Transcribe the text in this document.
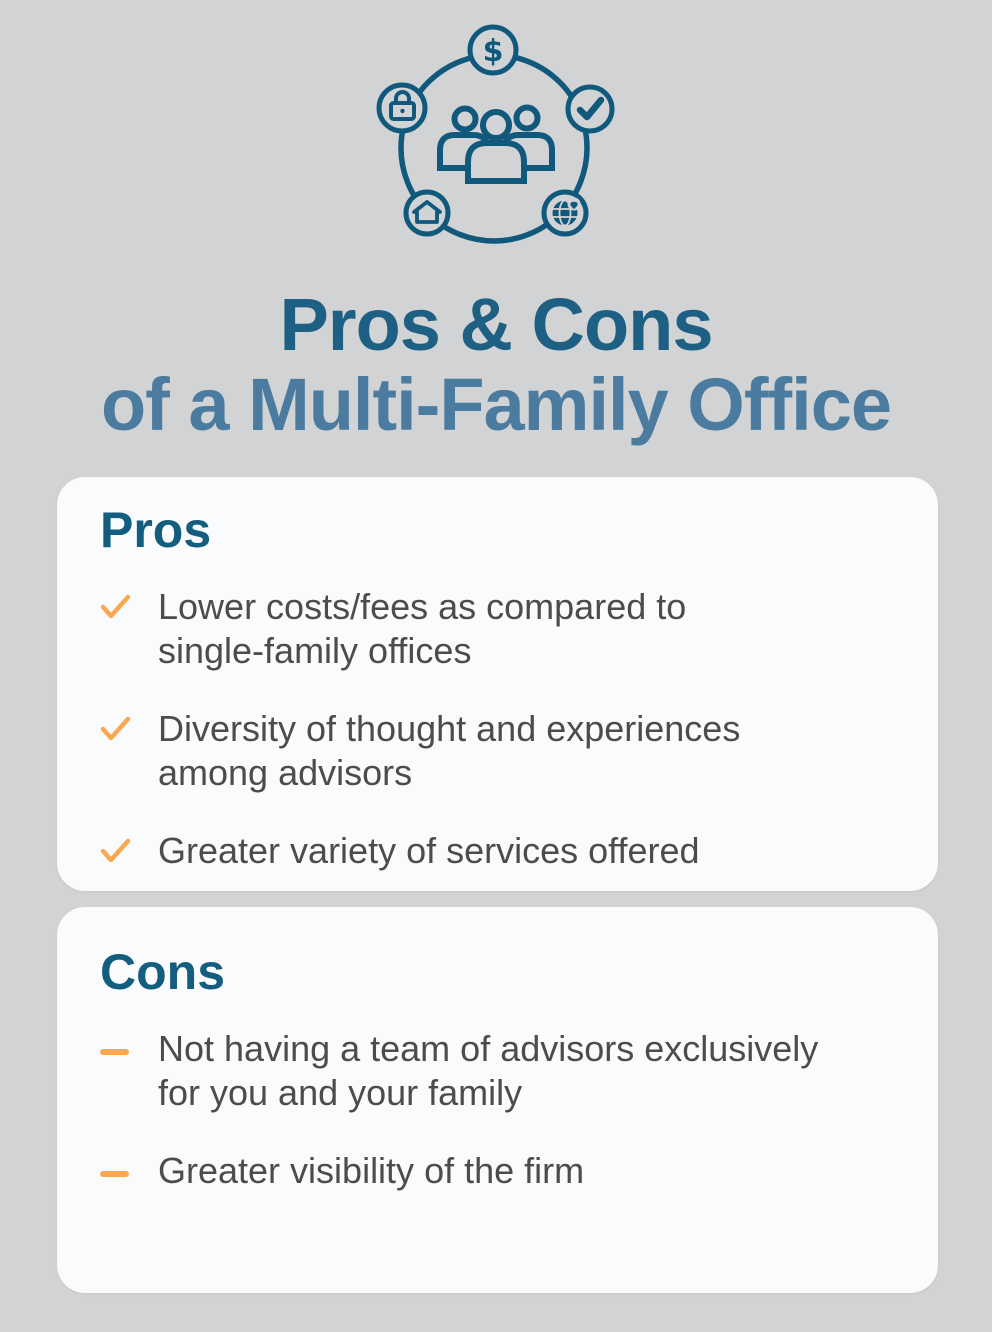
$
Pros & Cons
of a Multi-Family Office
Pros
Lower costs/fees as compared to
single-family offices
Diversity of thought and experiences
among advisors
Greater variety of services offered
Cons
Not having a team of advisors exclusively
for you and your family
Greater visibility of the firm
